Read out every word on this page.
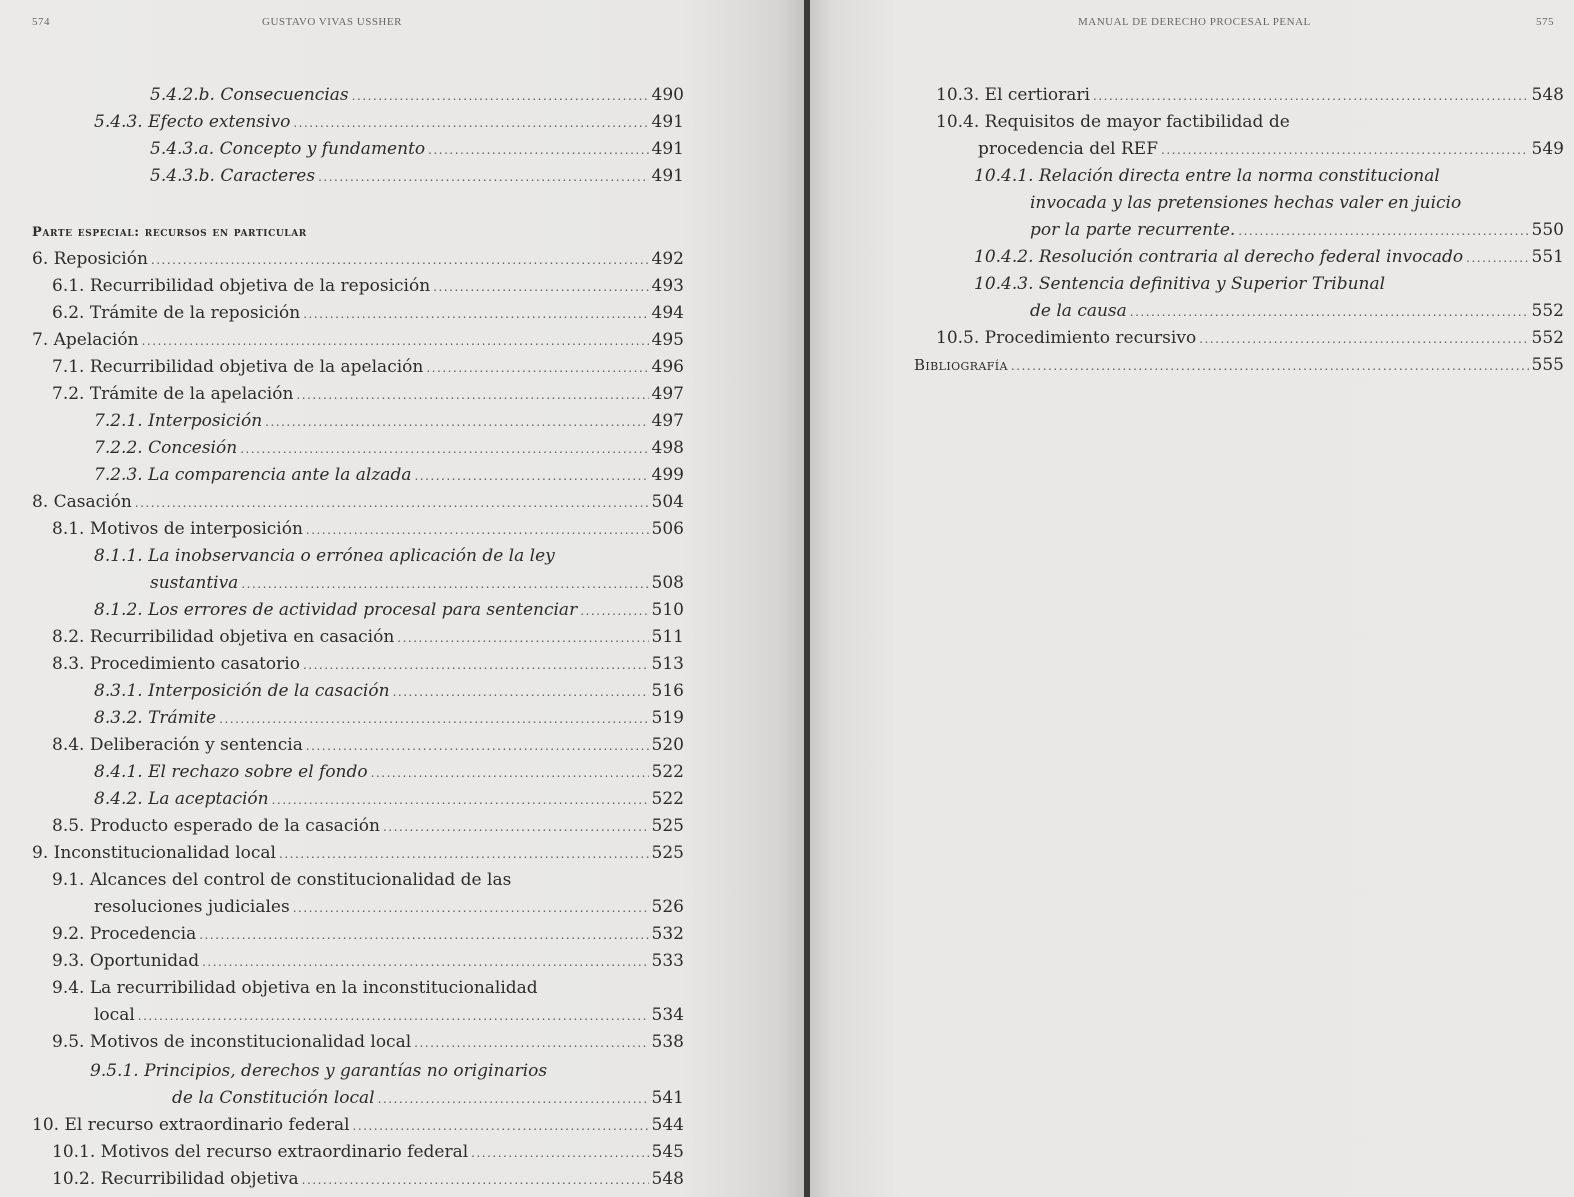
574	GUSTAVO VIVAS USSHER
5.4.2.b. Consecuencias .....	490
5.4.3. Efecto extensivo .....	491
5.4.3.a. Concepto y fundamento .....	491
5.4.3.b. Caracteres .....	491
Parte especial: recursos en particular
6. Reposición .....	492
6.1. Recurribilidad objetiva de la reposición .....	493
6.2. Trámite de la reposición .....	494
7. Apelación .....	495
7.1. Recurribilidad objetiva de la apelación .....	496
7.2. Trámite de la apelación .....	497
7.2.1. Interposición .....	497
7.2.2. Concesión .....	498
7.2.3. La comparencia ante la alzada .....	499
8. Casación .....	504
8.1. Motivos de interposición .....	506
8.1.1. La inobservancia o errónea aplicación de la ley
sustantiva .....	508
8.1.2. Los errores de actividad procesal para sentenciar .....	510
8.2. Recurribilidad objetiva en casación .....	511
8.3. Procedimiento casatorio .....	513
8.3.1. Interposición de la casación .....	516
8.3.2. Trámite .....	519
8.4. Deliberación y sentencia .....	520
8.4.1. El rechazo sobre el fondo .....	522
8.4.2. La aceptación .....	522
8.5. Producto esperado de la casación .....	525
9. Inconstitucionalidad local .....	525
9.1. Alcances del control de constitucionalidad de las
resoluciones judiciales .....	526
9.2. Procedencia .....	532
9.3. Oportunidad .....	533
9.4. La recurribilidad objetiva en la inconstitucionalidad
local .....	534
9.5. Motivos de inconstitucionalidad local .....	538
9.5.1. Principios, derechos y garantías no originarios
de la Constitución local .....	541
10. El recurso extraordinario federal .....	544
10.1. Motivos del recurso extraordinario federal .....	545
10.2. Recurribilidad objetiva .....	548
MANUAL DE DERECHO PROCESAL PENAL	575
10.3. El certiorari .....	548
10.4. Requisitos de mayor factibilidad de
procedencia del REF .....	549
10.4.1. Relación directa entre la norma constitucional
invocada y las pretensiones hechas valer en juicio
por la parte recurrente. .....	550
10.4.2. Resolución contraria al derecho federal invocado .....	551
10.4.3. Sentencia definitiva y Superior Tribunal
de la causa .....	552
10.5. Procedimiento recursivo .....	552
Bibliografía .....	555
